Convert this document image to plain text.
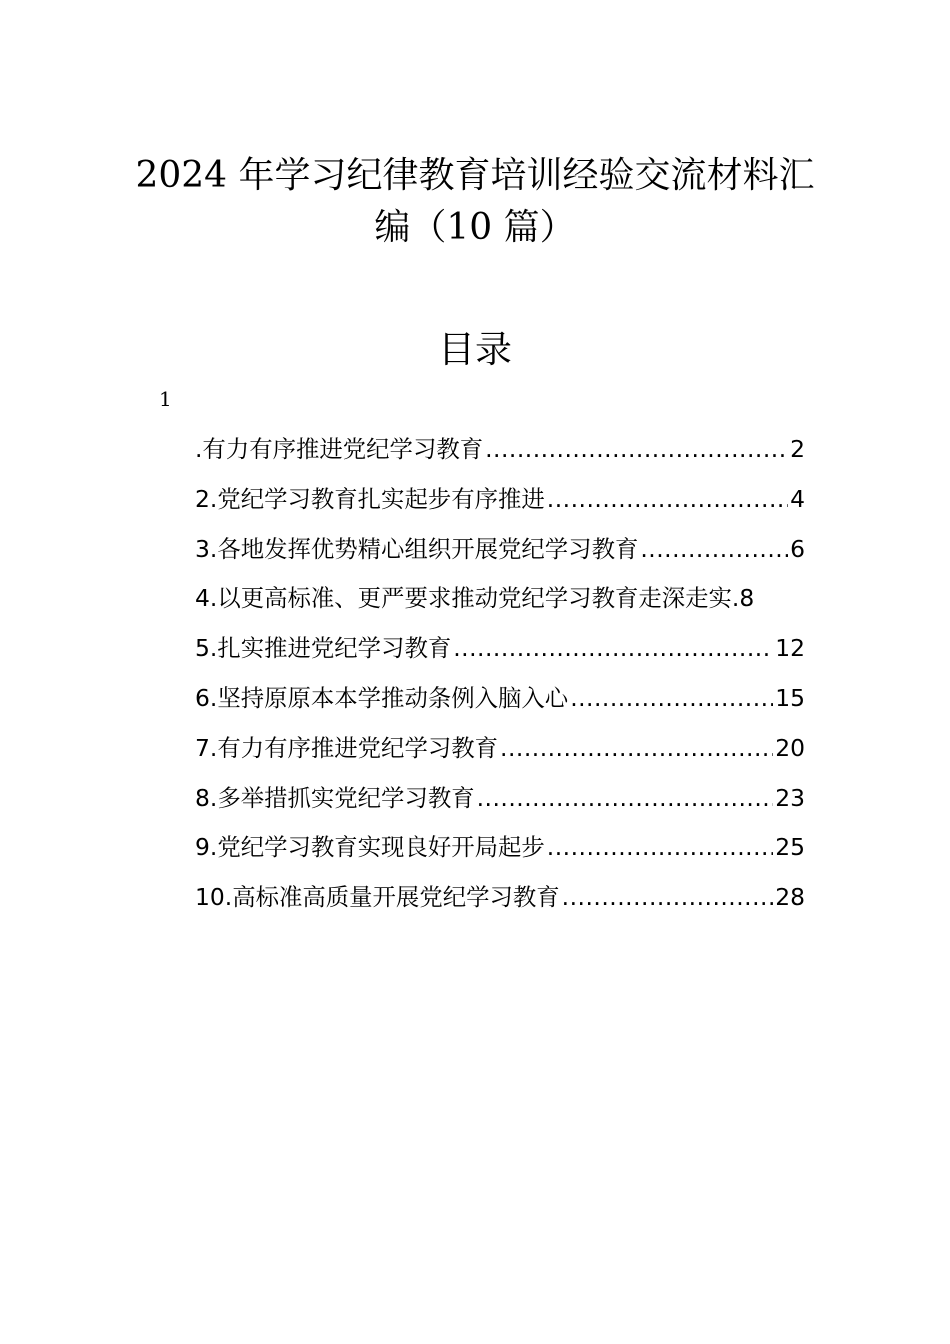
2024 年学习纪律教育培训经验交流材料汇
编（10 篇）
目录
1
.有力有序推进党纪学习教育 .....	2
2.党纪学习教育扎实起步有序推进 .....	4
3.各地发挥优势精心组织开展党纪学习教育 .....	6
4.以更高标准、更严要求推动党纪学习教育走深走实. 8
5.扎实推进党纪学习教育 .....	12
6.坚持原原本本学推动条例入脑入心 .....	15
7.有力有序推进党纪学习教育 .....	20
8.多举措抓实党纪学习教育 .....	23
9.党纪学习教育实现良好开局起步 .....	25
10.高标准高质量开展党纪学习教育 .....	28
